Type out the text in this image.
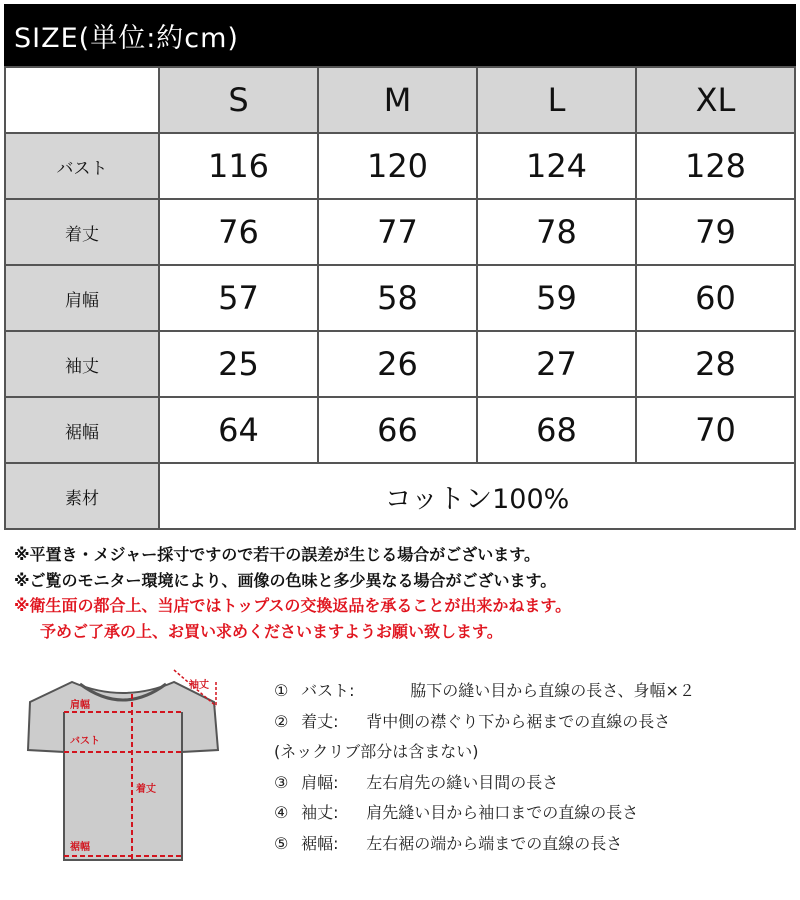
SIZE(単位:約cm)
	S	M	L	XL
バスト	116	120	124	128
着丈	76	77	78	79
肩幅	57	58	59	60
袖丈	25	26	27	28
裾幅	64	66	68	70
素材	コットン100%			
※平置き・メジャー採寸ですので若干の誤差が生じる場合がございます。
※ご覧のモニター環境により、画像の色味と多少異なる場合がございます。
※衛生面の都合上、当店ではトップスの交換返品を承ることが出来かねます。
予めご了承の上、お買い求めくださいますようお願い致します。
袖丈
肩幅
バスト
着丈
裾幅
① バスト:	脇下の縫い目から直線の長さ、身幅×２
② 着丈: 背中側の襟ぐり下から裾までの直線の長さ
(ネックリブ部分は含まない)
③ 肩幅: 左右肩先の縫い目間の長さ
④ 袖丈: 肩先縫い目から袖口までの直線の長さ
⑤ 裾幅: 左右裾の端から端までの直線の長さ
